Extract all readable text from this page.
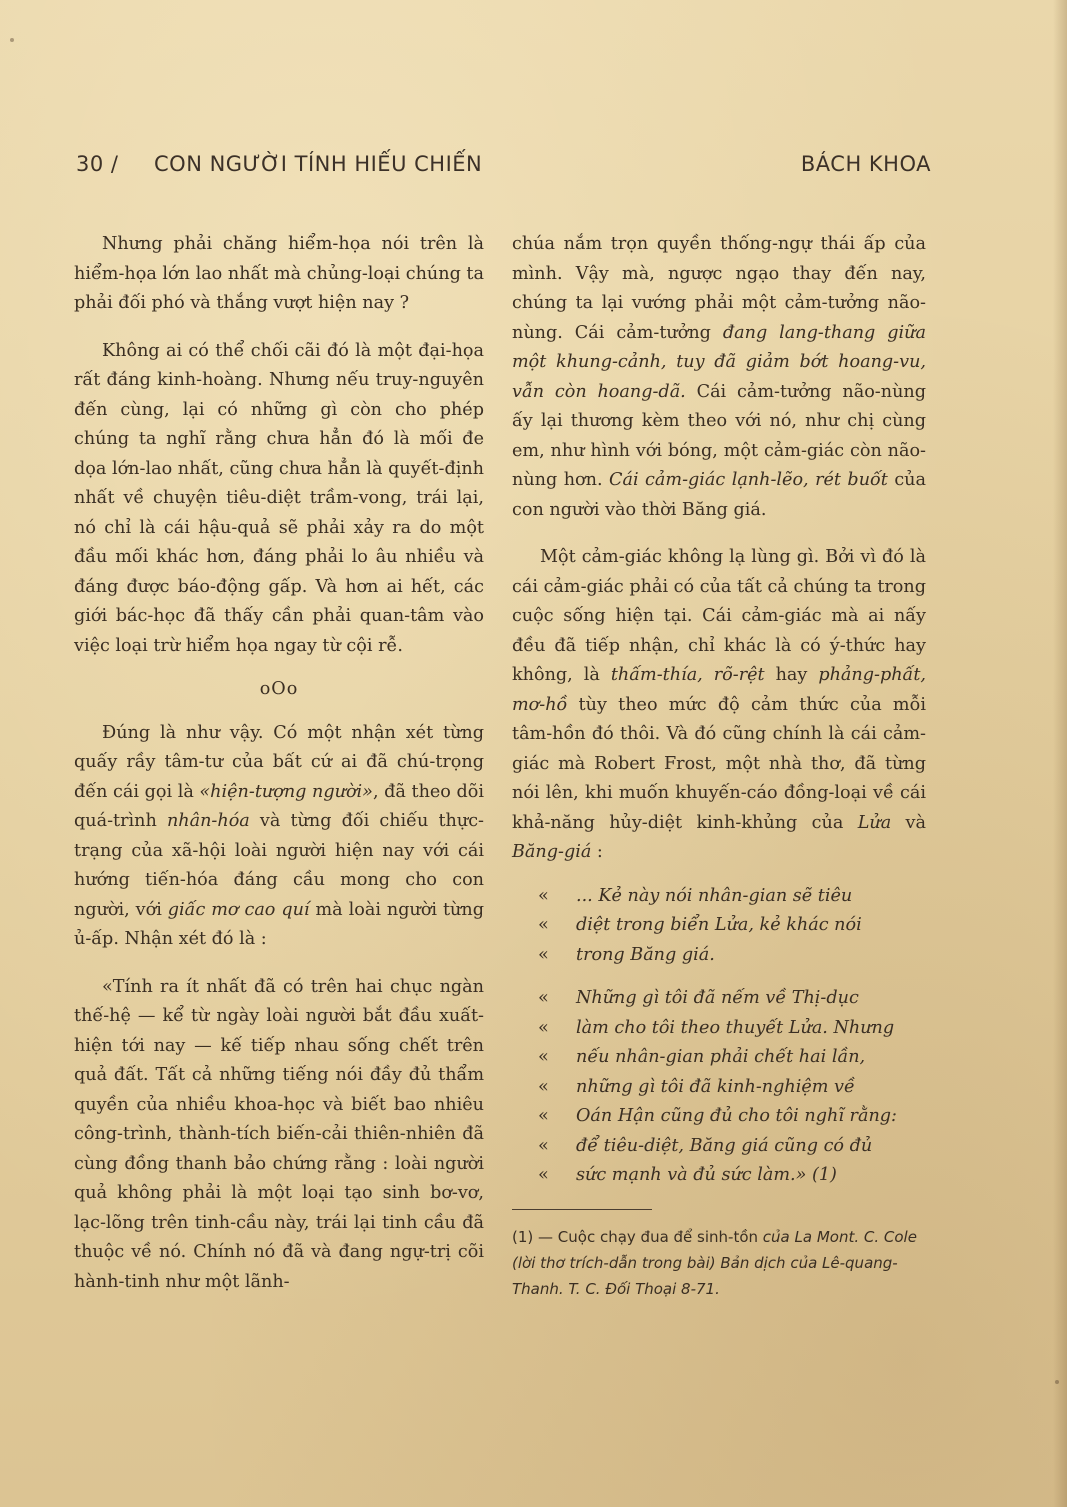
30 / CON NGƯỜI TÍNH HIẾU CHIẾN	BÁCH KHOA

Nhưng phải chăng hiểm-họa nói trên là hiểm-họa lớn lao nhất mà chủng-loại chúng ta phải đối phó và thắng vượt hiện nay ?

Không ai có thể chối cãi đó là một đại-họa rất đáng kinh-hoàng. Nhưng nếu truy-nguyên đến cùng, lại có những gì còn cho phép chúng ta nghĩ rằng chưa hẳn đó là mối đe dọa lớn-lao nhất, cũng chưa hẳn là quyết-định nhất về chuyện tiêu-diệt trầm-vong, trái lại, nó chỉ là cái hậu-quả sẽ phải xảy ra do một đầu mối khác hơn, đáng phải lo âu nhiều và đáng được báo-động gấp. Và hơn ai hết, các giới bác-học đã thấy cần phải quan-tâm vào việc loại trừ hiểm họa ngay từ cội rễ.

oOo

Đúng là như vậy. Có một nhận xét từng quấy rầy tâm-tư của bất cứ ai đã chú-trọng đến cái gọi là «hiện-tượng người», đã theo dõi quá-trình nhân-hóa và từng đối chiếu thực-trạng của xã-hội loài người hiện nay với cái hướng tiến-hóa đáng cầu mong cho con người, với giấc mơ cao quí mà loài người từng ủ-ấp. Nhận xét đó là :

«Tính ra ít nhất đã có trên hai chục ngàn thế-hệ — kể từ ngày loài người bắt đầu xuất-hiện tới nay — kế tiếp nhau sống chết trên quả đất. Tất cả những tiếng nói đầy đủ thẩm quyền của nhiều khoa-học và biết bao nhiêu công-trình, thành-tích biến-cải thiên-nhiên đã cùng đồng thanh bảo chứng rằng : loài người quả không phải là một loại tạo sinh bơ-vơ, lạc-lõng trên tinh-cầu này, trái lại tinh cầu đã thuộc về nó. Chính nó đã và đang ngự-trị cõi hành-tinh như một lãnh-

chúa nắm trọn quyền thống-ngự thái ấp của mình. Vậy mà, ngược ngạo thay đến nay, chúng ta lại vướng phải một cảm-tưởng não-nùng. Cái cảm-tưởng đang lang-thang giữa một khung-cảnh, tuy đã giảm bớt hoang-vu, vẫn còn hoang-dã. Cái cảm-tưởng não-nùng ấy lại thương kèm theo với nó, như chị cùng em, như hình với bóng, một cảm-giác còn não-nùng hơn. Cái cảm-giác lạnh-lẽo, rét buốt của con người vào thời Băng giá.

Một cảm-giác không lạ lùng gì. Bởi vì đó là cái cảm-giác phải có của tất cả chúng ta trong cuộc sống hiện tại. Cái cảm-giác mà ai nấy đều đã tiếp nhận, chỉ khác là có ý-thức hay không, là thấm-thía, rõ-rệt hay phảng-phất, mơ-hồ tùy theo mức độ cảm thức của mỗi tâm-hồn đó thôi. Và đó cũng chính là cái cảm-giác mà Robert Frost, một nhà thơ, đã từng nói lên, khi muốn khuyến-cáo đồng-loại về cái khả-năng hủy-diệt kinh-khủng của Lửa và Băng-giá :

« ... Kẻ này nói nhân-gian sẽ tiêu
« diệt trong biển Lửa, kẻ khác nói
« trong Băng giá.
« Những gì tôi đã nếm về Thị-dục
« làm cho tôi theo thuyết Lửa. Nhưng
« nếu nhân-gian phải chết hai lần,
« những gì tôi đã kinh-nghiệm về
« Oán Hận cũng đủ cho tôi nghĩ rằng:
« để tiêu-diệt, Băng giá cũng có đủ
« sức mạnh và đủ sức làm.» (1)

(1) — Cuộc chạy đua để sinh-tồn của La Mont. C. Cole (lời thơ trích-dẫn trong bài) Bản dịch của Lê-quang-Thanh. T. C. Đối Thoại 8-71.
